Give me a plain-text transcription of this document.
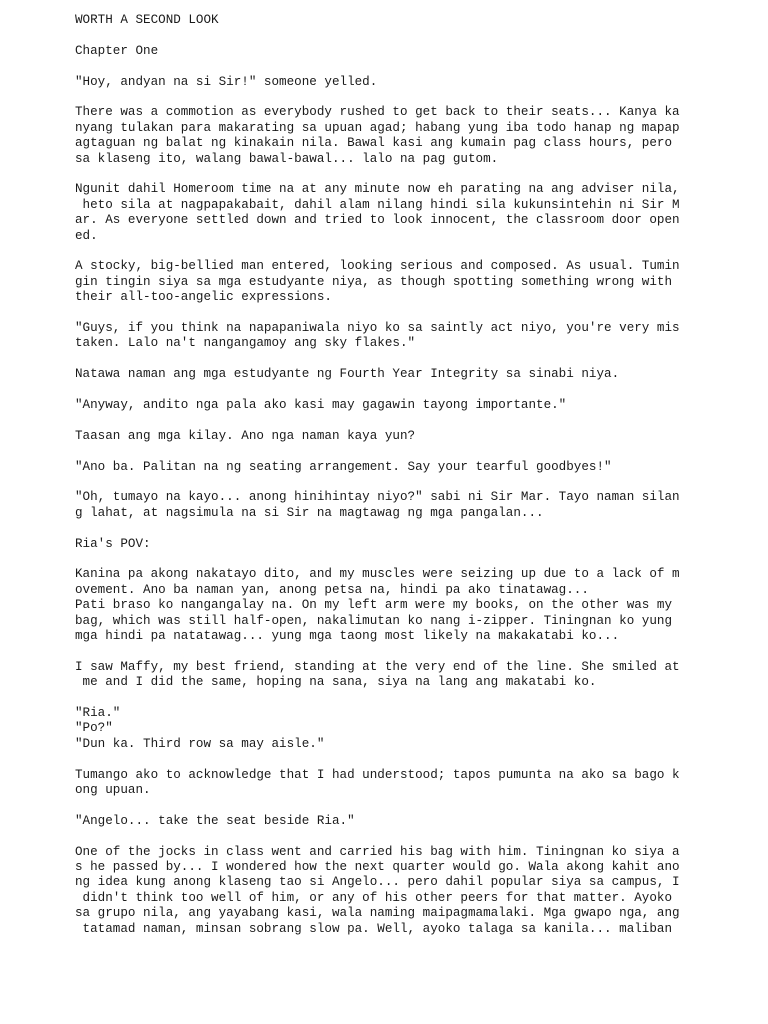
WORTH A SECOND LOOK

Chapter One

"Hoy, andyan na si Sir!" someone yelled.

There was a commotion as everybody rushed to get back to their seats... Kanya ka
nyang tulakan para makarating sa upuan agad; habang yung iba todo hanap ng mapap
agtaguan ng balat ng kinakain nila. Bawal kasi ang kumain pag class hours, pero
sa klaseng ito, walang bawal-bawal... lalo na pag gutom.

Ngunit dahil Homeroom time na at any minute now eh parating na ang adviser nila,
heto sila at nagpapakabait, dahil alam nilang hindi sila kukunsintehin ni Sir M
ar. As everyone settled down and tried to look innocent, the classroom door open
ed.

A stocky, big-bellied man entered, looking serious and composed. As usual. Tumin
gin tingin siya sa mga estudyante niya, as though spotting something wrong with
their all-too-angelic expressions.

"Guys, if you think na napapaniwala niyo ko sa saintly act niyo, you're very mis
taken. Lalo na't nangangamoy ang sky flakes."

Natawa naman ang mga estudyante ng Fourth Year Integrity sa sinabi niya.

"Anyway, andito nga pala ako kasi may gagawin tayong importante."

Taasan ang mga kilay. Ano nga naman kaya yun?

"Ano ba. Palitan na ng seating arrangement. Say your tearful goodbyes!"

"Oh, tumayo na kayo... anong hinihintay niyo?" sabi ni Sir Mar. Tayo naman silan
g lahat, at nagsimula na si Sir na magtawag ng mga pangalan...

Ria's POV:

Kanina pa akong nakatayo dito, and my muscles were seizing up due to a lack of m
ovement. Ano ba naman yan, anong petsa na, hindi pa ako tinatawag...
Pati braso ko nangangalay na. On my left arm were my books, on the other was my
bag, which was still half-open, nakalimutan ko nang i-zipper. Tiningnan ko yung
mga hindi pa natatawag... yung mga taong most likely na makakatabi ko...

I saw Maffy, my best friend, standing at the very end of the line. She smiled at
me and I did the same, hoping na sana, siya na lang ang makatabi ko.

"Ria."
"Po?"
"Dun ka. Third row sa may aisle."

Tumango ako to acknowledge that I had understood; tapos pumunta na ako sa bago k
ong upuan.

"Angelo... take the seat beside Ria."

One of the jocks in class went and carried his bag with him. Tiningnan ko siya a
s he passed by... I wondered how the next quarter would go. Wala akong kahit ano
ng idea kung anong klaseng tao si Angelo... pero dahil popular siya sa campus, I
didn't think too well of him, or any of his other peers for that matter. Ayoko
sa grupo nila, ang yayabang kasi, wala naming maipagmamalaki. Mga gwapo nga, ang
tatamad naman, minsan sobrang slow pa. Well, ayoko talaga sa kanila... maliban
